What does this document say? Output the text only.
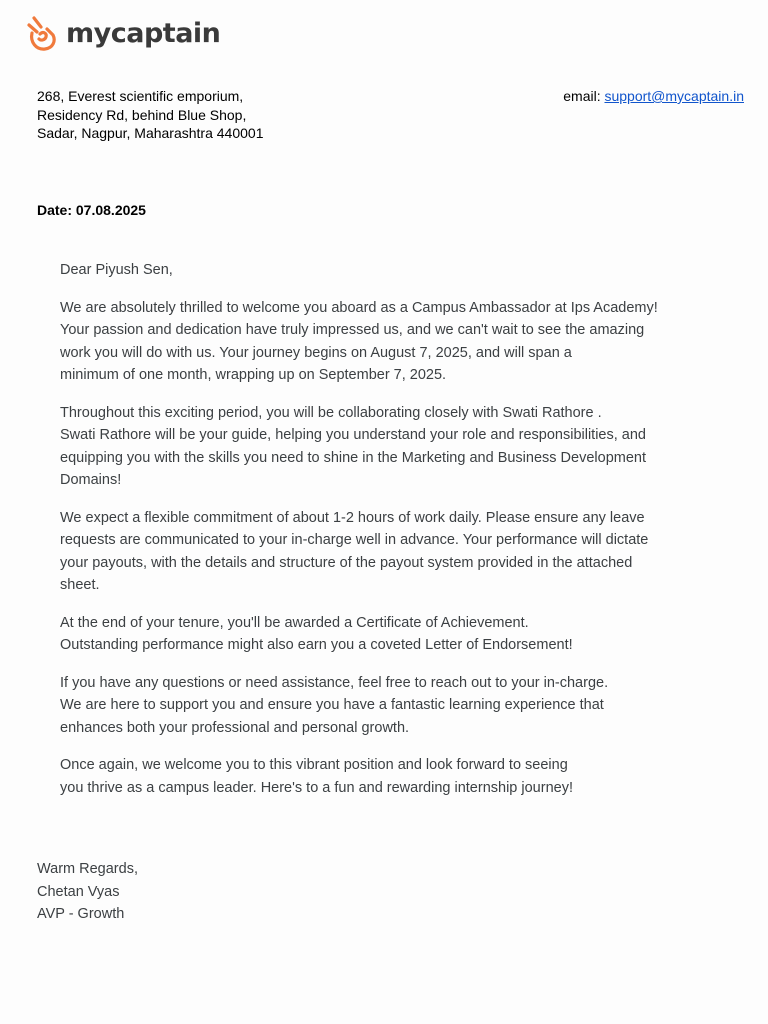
mycaptain
268, Everest scientific emporium,
Residency Rd, behind Blue Shop,
Sadar, Nagpur, Maharashtra 440001
email: support@mycaptain.in
Date: 07.08.2025

Dear Piyush Sen,

We are absolutely thrilled to welcome you aboard as a Campus Ambassador at Ips Academy!
Your passion and dedication have truly impressed us, and we can't wait to see the amazing
work you will do with us. Your journey begins on August 7, 2025, and will span a
minimum of one month, wrapping up on September 7, 2025.

Throughout this exciting period, you will be collaborating closely with Swati Rathore .
Swati Rathore will be your guide, helping you understand your role and responsibilities, and
equipping you with the skills you need to shine in the Marketing and Business Development
Domains!

We expect a flexible commitment of about 1-2 hours of work daily. Please ensure any leave
requests are communicated to your in-charge well in advance. Your performance will dictate
your payouts, with the details and structure of the payout system provided in the attached
sheet.

At the end of your tenure, you'll be awarded a Certificate of Achievement.
Outstanding performance might also earn you a coveted Letter of Endorsement!

If you have any questions or need assistance, feel free to reach out to your in-charge.
We are here to support you and ensure you have a fantastic learning experience that
enhances both your professional and personal growth.

Once again, we welcome you to this vibrant position and look forward to seeing
you thrive as a campus leader. Here's to a fun and rewarding internship journey!

Warm Regards,
Chetan Vyas
AVP - Growth
